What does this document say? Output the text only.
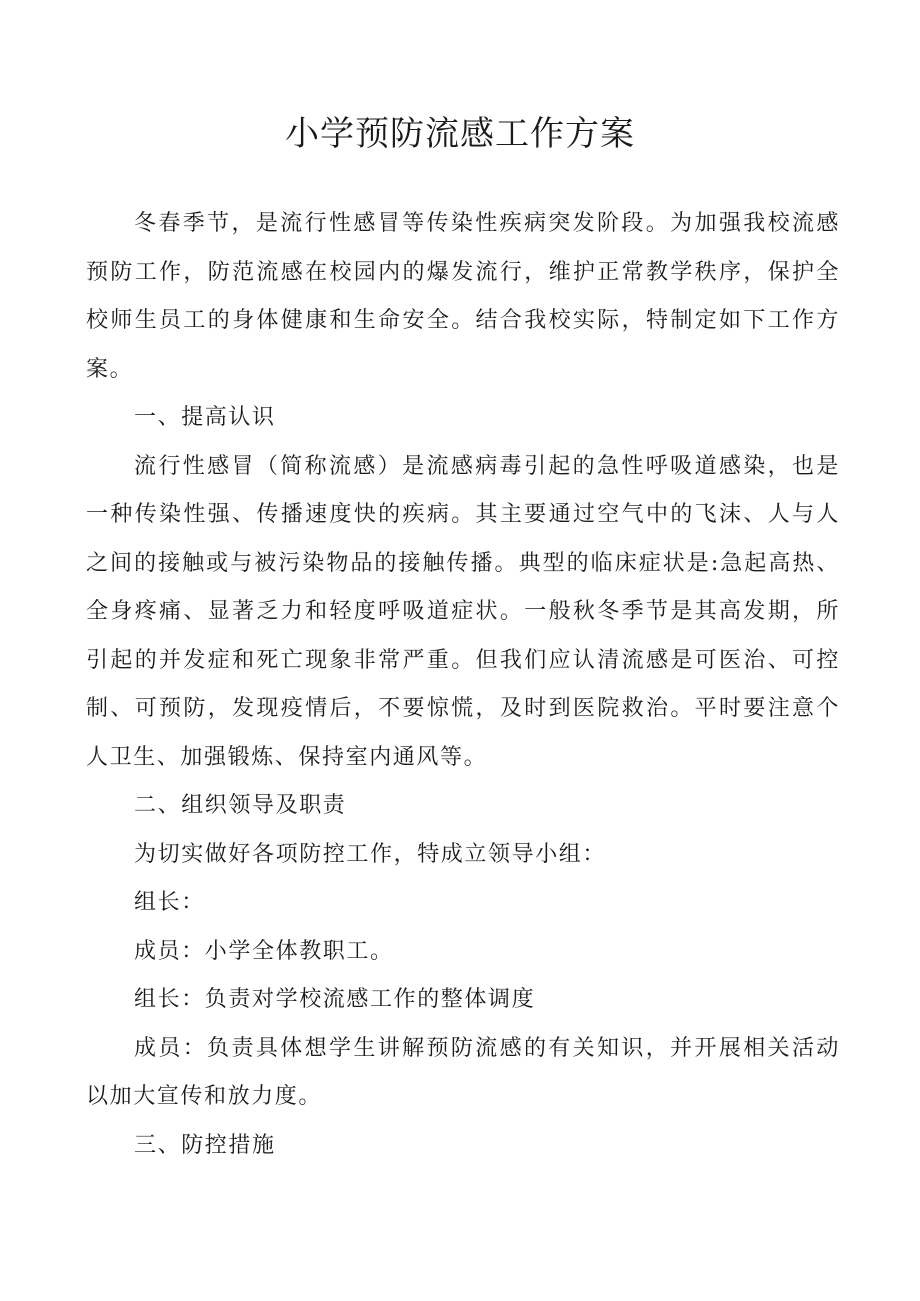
小学预防流感工作方案

冬春季节，是流行性感冒等传染性疾病突发阶段。为加强我校流感预防工作，防范流感在校园内的爆发流行，维护正常教学秩序，保护全校师生员工的身体健康和生命安全。结合我校实际，特制定如下工作方案。

一、提高认识

流行性感冒（简称流感）是流感病毒引起的急性呼吸道感染，也是一种传染性强、传播速度快的疾病。其主要通过空气中的飞沫、人与人之间的接触或与被污染物品的接触传播。典型的临床症状是:急起高热、全身疼痛、显著乏力和轻度呼吸道症状。一般秋冬季节是其高发期，所引起的并发症和死亡现象非常严重。但我们应认清流感是可医治、可控制、可预防，发现疫情后，不要惊慌，及时到医院救治。平时要注意个人卫生、加强锻炼、保持室内通风等。

二、组织领导及职责

为切实做好各项防控工作，特成立领导小组：

组长：

成员：小学全体教职工。

组长：负责对学校流感工作的整体调度

成员：负责具体想学生讲解预防流感的有关知识，并开展相关活动以加大宣传和放力度。

三、防控措施
